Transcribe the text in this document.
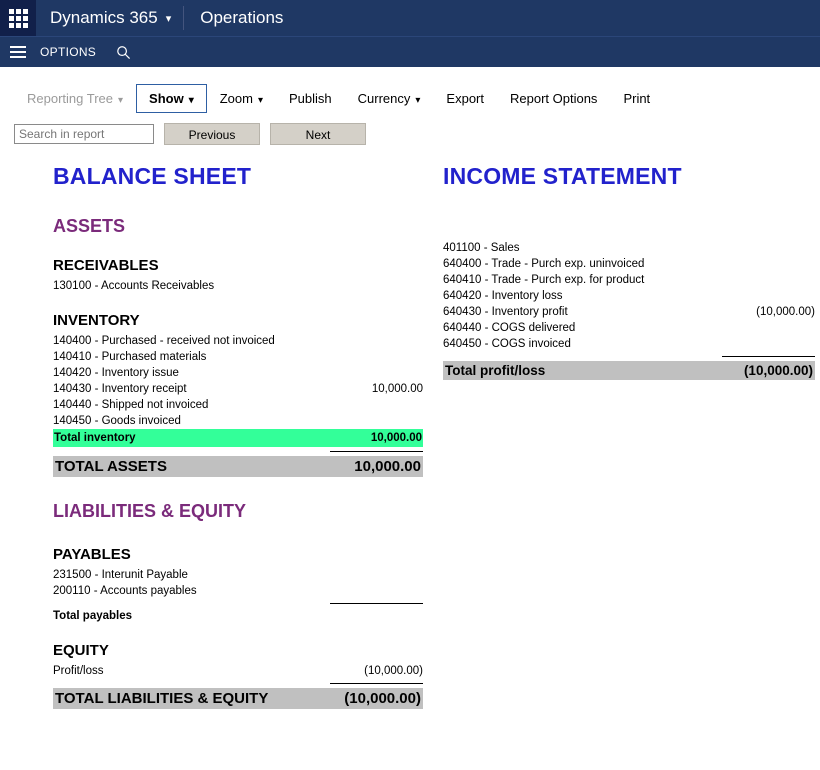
Dynamics 365 ▾ Operations
OPTIONS
Reporting Tree ▾	Show ▾	Zoom ▾	Publish	Currency ▾	Export	Report Options	Print
Search in report
Previous	Next
BALANCE SHEET
ASSETS
RECEIVABLES
130100 - Accounts Receivables
INVENTORY
140400 - Purchased - received not invoiced
140410 - Purchased materials
140420 - Inventory issue
140430 - Inventory receipt	10,000.00
140440 - Shipped not invoiced
140450 - Goods invoiced
Total inventory	10,000.00
TOTAL ASSETS	10,000.00
LIABILITIES & EQUITY
PAYABLES
231500 - Interunit Payable
200110 - Accounts payables
Total payables
EQUITY
Profit/loss	(10,000.00)
TOTAL LIABILITIES & EQUITY	(10,000.00)
INCOME STATEMENT
401100 - Sales
640400 - Trade - Purch exp. uninvoiced
640410 - Trade - Purch exp. for product
640420 - Inventory loss
640430 - Inventory profit	(10,000.00)
640440 - COGS delivered
640450 - COGS invoiced
Total profit/loss	(10,000.00)
